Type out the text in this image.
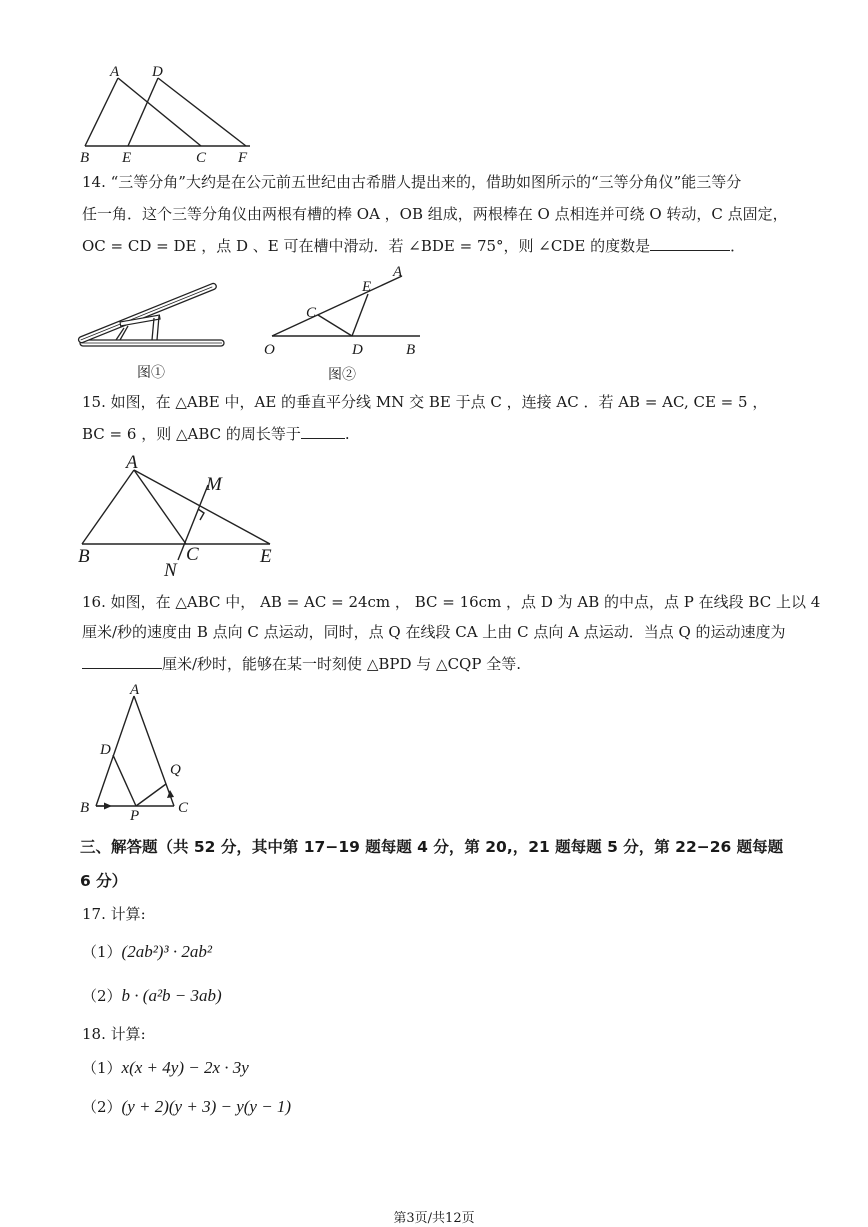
A D
B E	C F
14. “三等分角”大约是在公元前五世纪由古希腊人提出来的，借助如图所示的“三等分角仪”能三等分
任一角．这个三等分角仪由两根有槽的棒 OA ，OB 组成，两根棒在 O 点相连并可绕 O 转动，C 点固定，
OC = CD = DE ，点 D 、E 可在槽中滑动．若 ∠BDE = 75°，则 ∠CDE 的度数是	．
图①
A
E
C
O	D	B
图②
15. 如图，在 △ABE 中，AE 的垂直平分线 MN 交 BE 于点 C ，连接 AC ．若 AB = AC, CE = 5 ，
BC = 6 ，则 △ABC 的周长等于	.
A
M
B	C	E
N
16. 如图，在 △ABC 中， AB = AC = 24cm ， BC = 16cm ，点 D 为 AB 的中点，点 P 在线段 BC 上以 4
厘米/秒的速度由 B 点向 C 点运动，同时，点 Q 在线段 CA 上由 C 点向 A 点运动．当点 Q 的运动速度为
厘米/秒时，能够在某一时刻使 △BPD 与 △CQP 全等.
A
D
Q
B	P	C
三、解答题（共 52 分，其中第 17−19 题每题 4 分，第 20,，21 题每题 5 分，第 22−26 题每题
6 分）
17. 计算:
（1）(2ab²)³ · 2ab²
（2）b · (a²b − 3ab)
18. 计算:
（1）x(x + 4y) − 2x · 3y
（2）(y + 2)(y + 3) − y(y − 1)
第3页/共12页
